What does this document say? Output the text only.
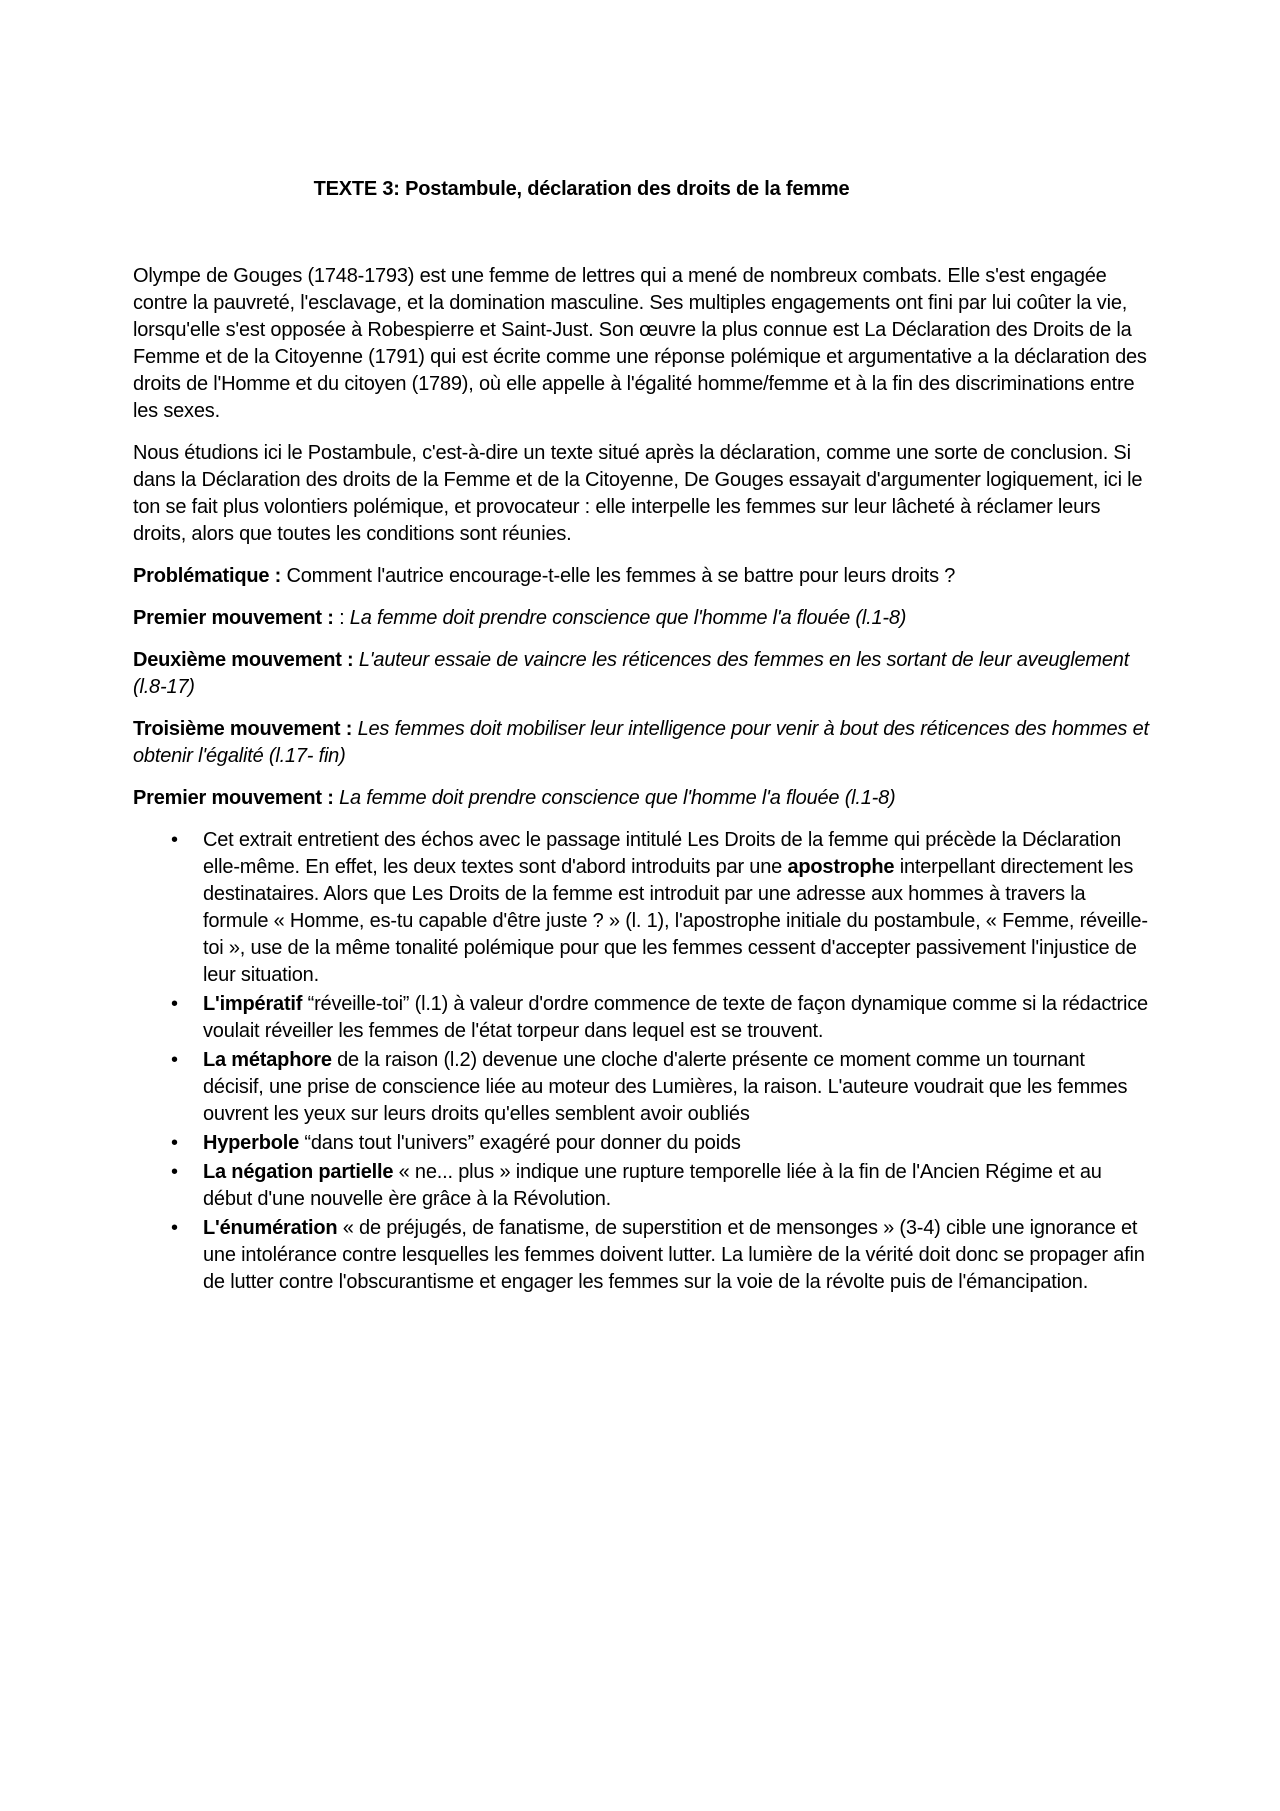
TEXTE 3: Postambule, déclaration des droits de la femme

Olympe de Gouges (1748-1793) est une femme de lettres qui a mené de nombreux combats. Elle s'est engagée contre la pauvreté, l'esclavage, et la domination masculine. Ses multiples engagements ont fini par lui coûter la vie, lorsqu'elle s'est opposée à Robespierre et Saint-Just. Son œuvre la plus connue est La Déclaration des Droits de la Femme et de la Citoyenne (1791) qui est écrite comme une réponse polémique et argumentative a la déclaration des droits de l'Homme et du citoyen (1789), où elle appelle à l'égalité homme/femme et à la fin des discriminations entre les sexes.

Nous étudions ici le Postambule, c'est-à-dire un texte situé après la déclaration, comme une sorte de conclusion. Si dans la Déclaration des droits de la Femme et de la Citoyenne, De Gouges essayait d'argumenter logiquement, ici le ton se fait plus volontiers polémique, et provocateur : elle interpelle les femmes sur leur lâcheté à réclamer leurs droits, alors que toutes les conditions sont réunies.

Problématique : Comment l'autrice encourage-t-elle les femmes à se battre pour leurs droits ?

Premier mouvement : : La femme doit prendre conscience que l'homme l'a flouée (l.1-8)

Deuxième mouvement : L'auteur essaie de vaincre les réticences des femmes en les sortant de leur aveuglement (l.8-17)

Troisième mouvement : Les femmes doit mobiliser leur intelligence pour venir à bout des réticences des hommes et obtenir l'égalité (l.17- fin)

Premier mouvement : La femme doit prendre conscience que l'homme l'a flouée (l.1-8)

• Cet extrait entretient des échos avec le passage intitulé Les Droits de la femme qui précède la Déclaration elle-même. En effet, les deux textes sont d'abord introduits par une apostrophe interpellant directement les destinataires. Alors que Les Droits de la femme est introduit par une adresse aux hommes à travers la formule « Homme, es-tu capable d'être juste ? » (l. 1), l'apostrophe initiale du postambule, « Femme, réveille-toi », use de la même tonalité polémique pour que les femmes cessent d'accepter passivement l'injustice de leur situation.
• L'impératif “réveille-toi” (l.1) à valeur d'ordre commence de texte de façon dynamique comme si la rédactrice voulait réveiller les femmes de l'état torpeur dans lequel est se trouvent.
• La métaphore de la raison (l.2) devenue une cloche d'alerte présente ce moment comme un tournant décisif, une prise de conscience liée au moteur des Lumières, la raison. L'auteure voudrait que les femmes ouvrent les yeux sur leurs droits qu'elles semblent avoir oubliés
• Hyperbole “dans tout l'univers” exagéré pour donner du poids
• La négation partielle « ne... plus » indique une rupture temporelle liée à la fin de l'Ancien Régime et au début d'une nouvelle ère grâce à la Révolution.
• L'énumération « de préjugés, de fanatisme, de superstition et de mensonges » (3-4) cible une ignorance et une intolérance contre lesquelles les femmes doivent lutter. La lumière de la vérité doit donc se propager afin de lutter contre l'obscurantisme et engager les femmes sur la voie de la révolte puis de l'émancipation.
